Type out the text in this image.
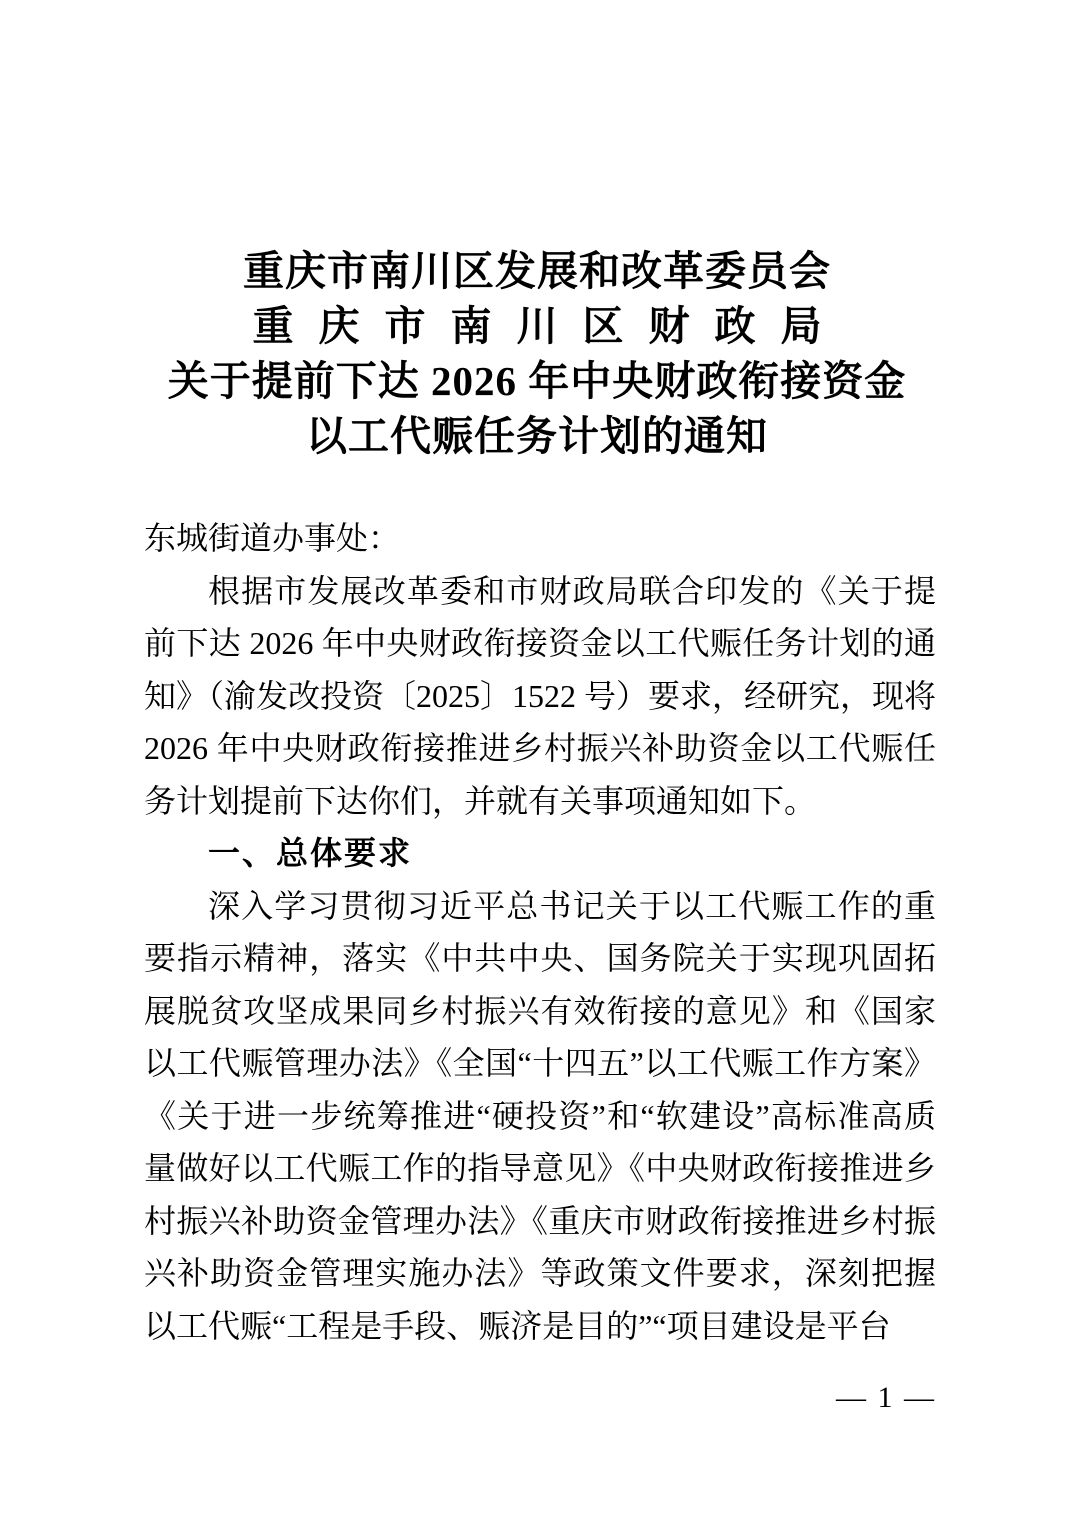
重庆市南川区发展和改革委员会
重庆市南川区财政局
关于提前下达 2026 年中央财政衔接资金
以工代赈任务计划的通知

东城街道办事处：

根据市发展改革委和市财政局联合印发的《关于提前下达 2026 年中央财政衔接资金以工代赈任务计划的通知》（渝发改投资〔2025〕1522 号）要求，经研究，现将 2026 年中央财政衔接推进乡村振兴补助资金以工代赈任务计划提前下达你们，并就有关事项通知如下。

一、总体要求

深入学习贯彻习近平总书记关于以工代赈工作的重要指示精神，落实《中共中央、国务院关于实现巩固拓展脱贫攻坚成果同乡村振兴有效衔接的意见》和《国家以工代赈管理办法》《全国“十四五”以工代赈工作方案》《关于进一步统筹推进“硬投资”和“软建设”高标准高质量做好以工代赈工作的指导意见》《中央财政衔接推进乡村振兴补助资金管理办法》《重庆市财政衔接推进乡村振兴补助资金管理实施办法》等政策文件要求，深刻把握以工代赈“工程是手段、赈济是目的”“项目建设是平台

— 1 —
